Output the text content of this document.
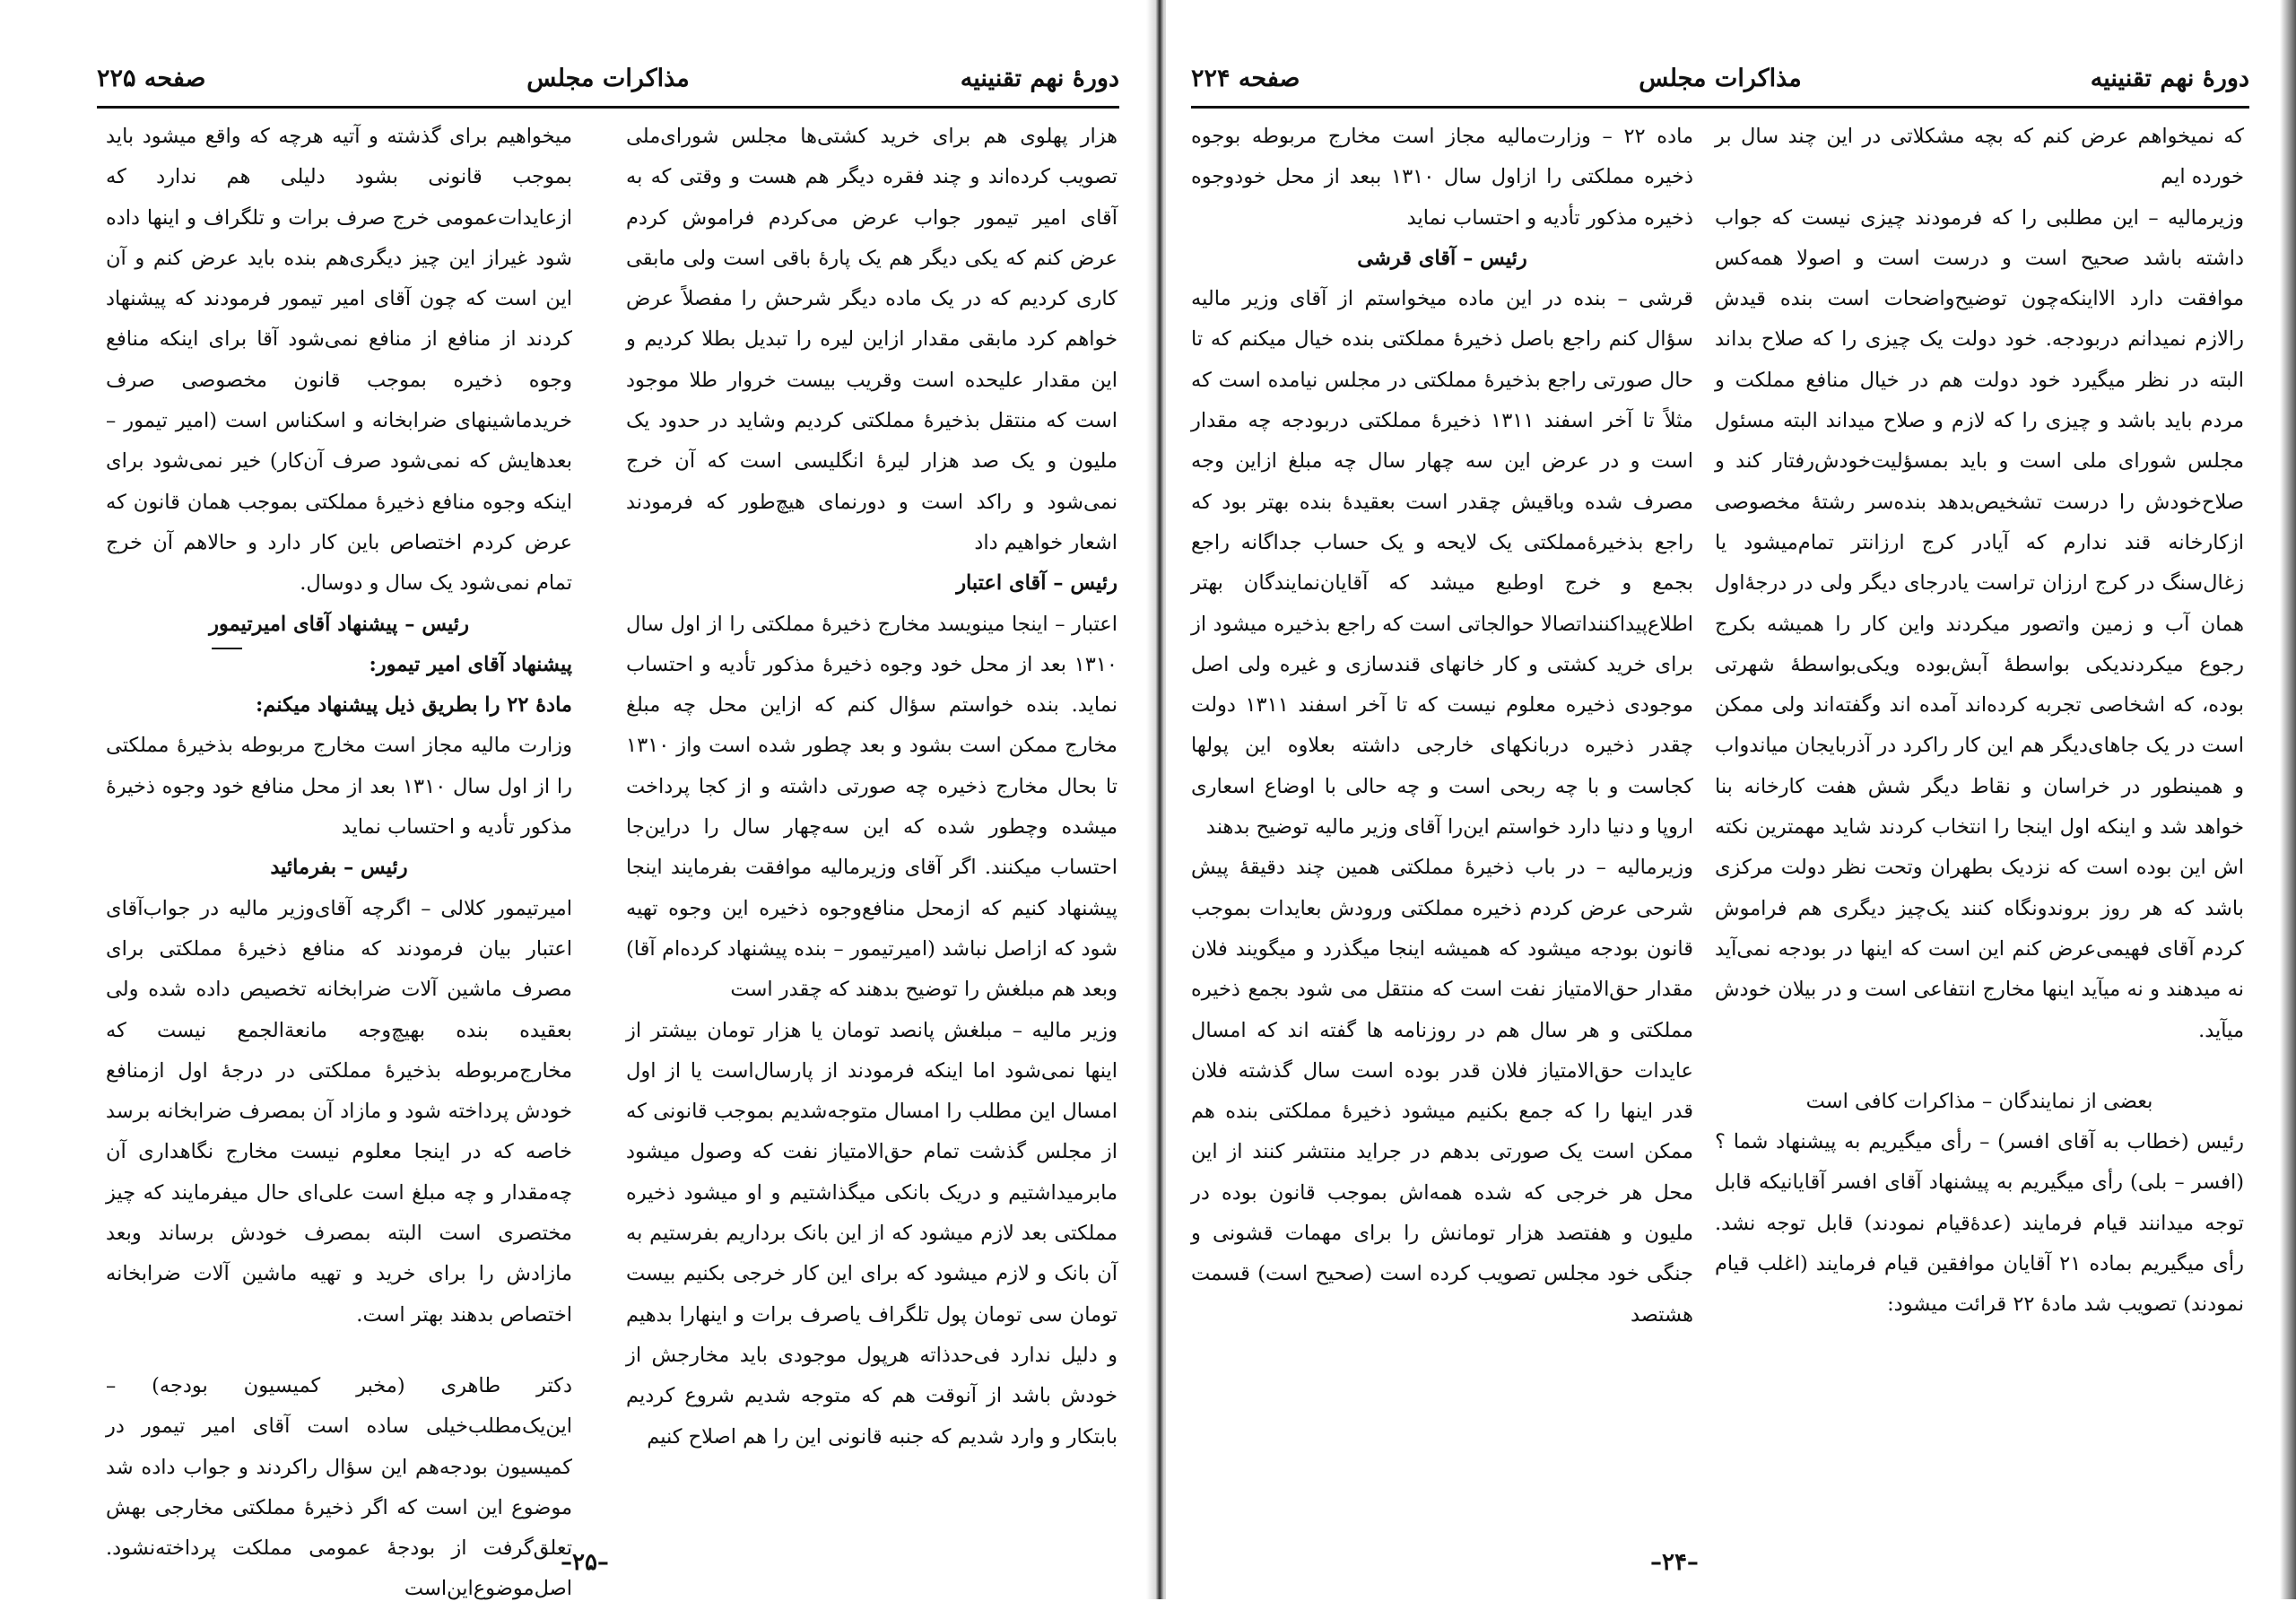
دورهٔ نهم تقنینیه
مذاکرات مجلس
صفحه ۲۲۵

هزار پهلوی هم برای خرید کشتی‌ها مجلس شورای‌ملی تصویب کرده‌اند و چند فقره دیگر هم هست و وقتی که به آقای امیر تیمور جواب عرض می‌کردم فراموش کردم عرض کنم که یکی دیگر هم یک پارهٔ باقی است ولی مابقی کاری کردیم که در یک ماده دیگر شرحش را مفصلاً عرض خواهم کرد مابقی مقدار ازاین لیره را تبدیل بطلا کردیم و این مقدار علیحده است وقریب بیست خروار طلا موجود است که منتقل بذخیرهٔ مملکتی کردیم وشاید در حدود یک ملیون و یک صد هزار لیرهٔ انگلیسی است که آن خرج نمی‌شود و راکد است و دورنمای هیچ‌طور که فرمودند اشعار خواهیم داد

رئیس – آقای اعتبار

اعتبار – اینجا مینویسد مخارج ذخیرهٔ مملکتی را از اول سال ۱۳۱۰ بعد از محل خود وجوه ذخیرهٔ مذکور تأدیه و احتساب نماید. بنده خواستم سؤال کنم که ازاین محل چه مبلغ مخارج ممکن است بشود و بعد چطور شده است واز ۱۳۱۰ تا بحال مخارج ذخیره چه صورتی داشته و از کجا پرداخت میشده وچطور شده که این سه‌چهار سال را دراین‌جا احتساب میکنند. اگر آقای وزیرمالیه موافقت بفرمایند اینجا پیشنهاد کنیم که ازمحل منافع‌وجوه ذخیره این وجوه تهیه شود که ازاصل نباشد (امیرتیمور – بنده پیشنهاد کرده‌ام آقا) وبعد هم مبلغش را توضیح بدهند که چقدر است

وزیر مالیه – مبلغش پانصد تومان یا هزار تومان بیشتر از اینها نمی‌شود اما اینکه فرمودند از پارسال‌است یا از اول امسال این مطلب را امسال متوجه‌شدیم بموجب قانونی که از مجلس گذشت تمام حق‌الامتیاز نفت که وصول میشود مابرمیداشتیم و دریک بانکی میگذاشتیم و او میشود ذخیره مملکتی بعد لازم میشود که از این بانک برداریم بفرستیم به آن بانک و لازم میشود که برای این کار خرجی بکنیم بیست تومان سی تومان پول تلگراف یاصرف برات و اینهارا بدهیم و دلیل ندارد فی‌حدذاته هرپول موجودی باید مخارجش از خودش باشد از آنوقت هم که متوجه شدیم شروع کردیم بابتکار و وارد شدیم که جنبه قانونی این را هم اصلاح کنیم

میخواهیم برای گذشته و آتیه هرچه که واقع میشود باید بموجب قانونی بشود دلیلی هم ندارد که ازعایدات‌عمومی خرج صرف برات و تلگراف و اینها داده شود غیراز این چیز دیگری‌هم بنده باید عرض کنم و آن این است که چون آقای امیر تیمور فرمودند که پیشنهاد کردند از منافع از منافع نمی‌شود آقا برای اینکه منافع وجوه ذخیره بموجب قانون مخصوصی صرف خریدماشینهای ضرابخانه و اسکناس است (امیر تیمور – بعدهایش که نمی‌شود صرف آن‌کار) خیر نمی‌شود برای اینکه وجوه منافع ذخیرهٔ مملکتی بموجب همان قانون که عرض کردم اختصاص باین کار دارد و حالاهم آن خرج تمام نمی‌شود یک سال و دوسال.

رئیس – پیشنهاد آقای امیرتیمور

پیشنهاد آقای امیر تیمور:

مادهٔ ۲۲ را بطریق ذیل پیشنهاد میکنم:

وزارت مالیه مجاز است مخارج مربوطه بذخیرهٔ مملکتی را از اول سال ۱۳۱۰ بعد از محل منافع خود وجوه ذخیرهٔ مذکور تأدیه و احتساب نماید

رئیس – بفرمائید

امیرتیمور کلالی – اگرچه آقای‌وزیر مالیه در جواب‌آقای اعتبار بیان فرمودند که منافع ذخیرهٔ مملکتی برای مصرف ماشین آلات ضرابخانه تخصیص داده شده ولی بعقیده بنده بهیچ‌وجه مانعة‌الجمع نیست که مخارج‌مربوطه بذخیرهٔ مملکتی در درجهٔ اول ازمنافع خودش پرداخته شود و مازاد آن بمصرف ضرابخانه برسد خاصه که در اینجا معلوم نیست مخارج نگاهداری آن چه‌مقدار و چه مبلغ است علی‌ای حال میفرمایند که چیز مختصری است البته بمصرف خودش برساند وبعد مازادش را برای خرید و تهیه ماشین آلات ضرابخانه اختصاص بدهند بهتر است.

دکتر طاهری (مخبر کمیسیون بودجه) – این‌یک‌مطلب‌خیلی ساده است آقای امیر تیمور در کمیسیون بودجه‌هم این سؤال راکردند و جواب داده شد موضوع این است که اگر ذخیرهٔ مملکتی مخارجی بهش تعلق‌گرفت از بودجهٔ عمومی مملکت پرداخته‌نشود. اصل‌موضوع‌این‌است

–۲۵–
دورهٔ نهم تقنینیه
مذاکرات مجلس
صفحه ۲۲۴

که نمیخواهم عرض کنم که بچه مشکلاتی در این چند سال بر خورده ایم

وزیرمالیه – این مطلبی را که فرمودند چیزی نیست که جواب داشته باشد صحیح است و درست است و اصولا همه‌کس موافقت دارد الا‌اینکه‌چون توضیح‌واضحات است بنده قیدش رالازم نمیدانم دربودجه. خود دولت یک چیزی را که صلاح بداند البته در نظر میگیرد خود دولت هم در خیال منافع مملکت و مردم باید باشد و چیزی را که لازم و صلاح میداند البته مسئول مجلس شورای ملی است و باید بمسؤلیت‌خودش‌رفتار کند و صلاح‌خودش را درست تشخیص‌بدهد بنده‌سر رشتهٔ مخصوصی ازکارخانه قند ندارم که آیادر کرج ارزانتر تمام‌میشود یا زغال‌سنگ در کرج ارزان تراست یادرجای دیگر ولی در درجهٔ‌اول همان آب و زمین واتصور میکردند واین کار را همیشه بکرج رجوع میکردند‌یکی بواسطهٔ آبش‌بوده ویکی‌بواسطهٔ شهرتی بوده، که اشخاصی تجربه کرده‌اند آمده اند وگفته‌اند ولی ممکن است در یک جاهای‌دیگر هم این کار راکرد در آذربایجان میاندواب و همینطور در خراسان و نقاط دیگر شش هفت کارخانه بنا خواهد شد و اینکه اول اینجا را انتخاب کردند شاید مهمترین نکته اش این بوده است که نزدیک بطهران وتحت نظر دولت مرکزی باشد که هر روز بروند‌ونگاه کنند یک‌چیز دیگری هم فراموش کردم آقای فهیمی‌عرض کنم این است که اینها در بودجه نمی‌آید نه میدهند و نه میآید اینها مخارج انتفاعی است و در بیلان خودش میآید.

بعضی از نمایندگان – مذاکرات کافی است

رئیس (خطاب به آقای افسر) – رأی میگیریم به پیشنهاد شما ؟ (افسر – بلی) رأی میگیریم به پیشنهاد آقای افسر آقایانیکه قابل توجه میدانند قیام فرمایند (عدهٔ‌قیام نمودند) قابل توجه نشد. رأی میگیریم بماده ۲۱ آقایان موافقین قیام فرمایند (اغلب قیام نمودند) تصویب شد مادهٔ ۲۲ قرائت میشود:

ماده ۲۲ – وزارت‌مالیه مجاز است مخارج مربوطه بوجوه ذخیره مملکتی را ازاول سال ۱۳۱۰ ببعد از محل خودوجوه ذخیره مذکور تأدیه و احتساب نماید

رئیس – آقای قرشی

قرشی – بنده در این ماده میخواستم از آقای وزیر مالیه سؤال کنم راجع باصل ذخیرهٔ مملکتی بنده خیال میکنم که تا حال صورتی راجع بذخیرهٔ مملکتی در مجلس نیامده است که مثلاً تا آخر اسفند ۱۳۱۱ ذخیرهٔ مملکتی دربودجه چه مقدار است و در عرض این سه چهار سال چه مبلغ ازاین وجه مصرف شده وباقیش چقدر است بعقیدهٔ بنده بهتر بود که راجع بذخیرهٔ‌مملکتی یک لایحه و یک حساب جداگانه راجع بجمع و خرج اوطبع میشد که آقایان‌نمایندگان بهتر اطلاع‌پیدا‌کنند‌اتصالا حوالجاتی است که راجع بذخیره میشود از برای خرید کشتی و کار خانهای قندسازی و غیره ولی اصل موجودی ذخیره معلوم نیست که تا آخر اسفند ۱۳۱۱ دولت چقدر ذخیره دربانکهای خارجی داشته بعلاوه این پولها کجاست و با چه ربحی است و چه حالی با اوضاع اسعاری اروپا و دنیا دارد خواستم این‌را آقای وزیر مالیه توضیح بدهند

وزیرمالیه – در باب ذخیرهٔ مملکتی همین چند دقیقهٔ پیش شرحی عرض کردم ذخیره مملکتی ورودش بعایدات بموجب قانون بودجه میشود که همیشه اینجا میگذرد و میگویند فلان مقدار حق‌الامتیاز نفت است که منتقل می شود بجمع ذخیره مملکتی و هر سال هم در روزنامه ها گفته اند که امسال عایدات حق‌الامتیاز فلان قدر بوده است سال گذشته فلان قدر اینها را که جمع بکنیم میشود ذخیرهٔ مملکتی بنده هم ممکن است یک صورتی بدهم در جراید منتشر کنند از این محل هر خرجی که شده همه‌اش بموجب قانون بوده در ملیون و هفتصد هزار تومانش را برای مهمات قشونی و جنگی خود مجلس تصویب کرده است (صحیح است) قسمت هشتصد

–۲۴–
